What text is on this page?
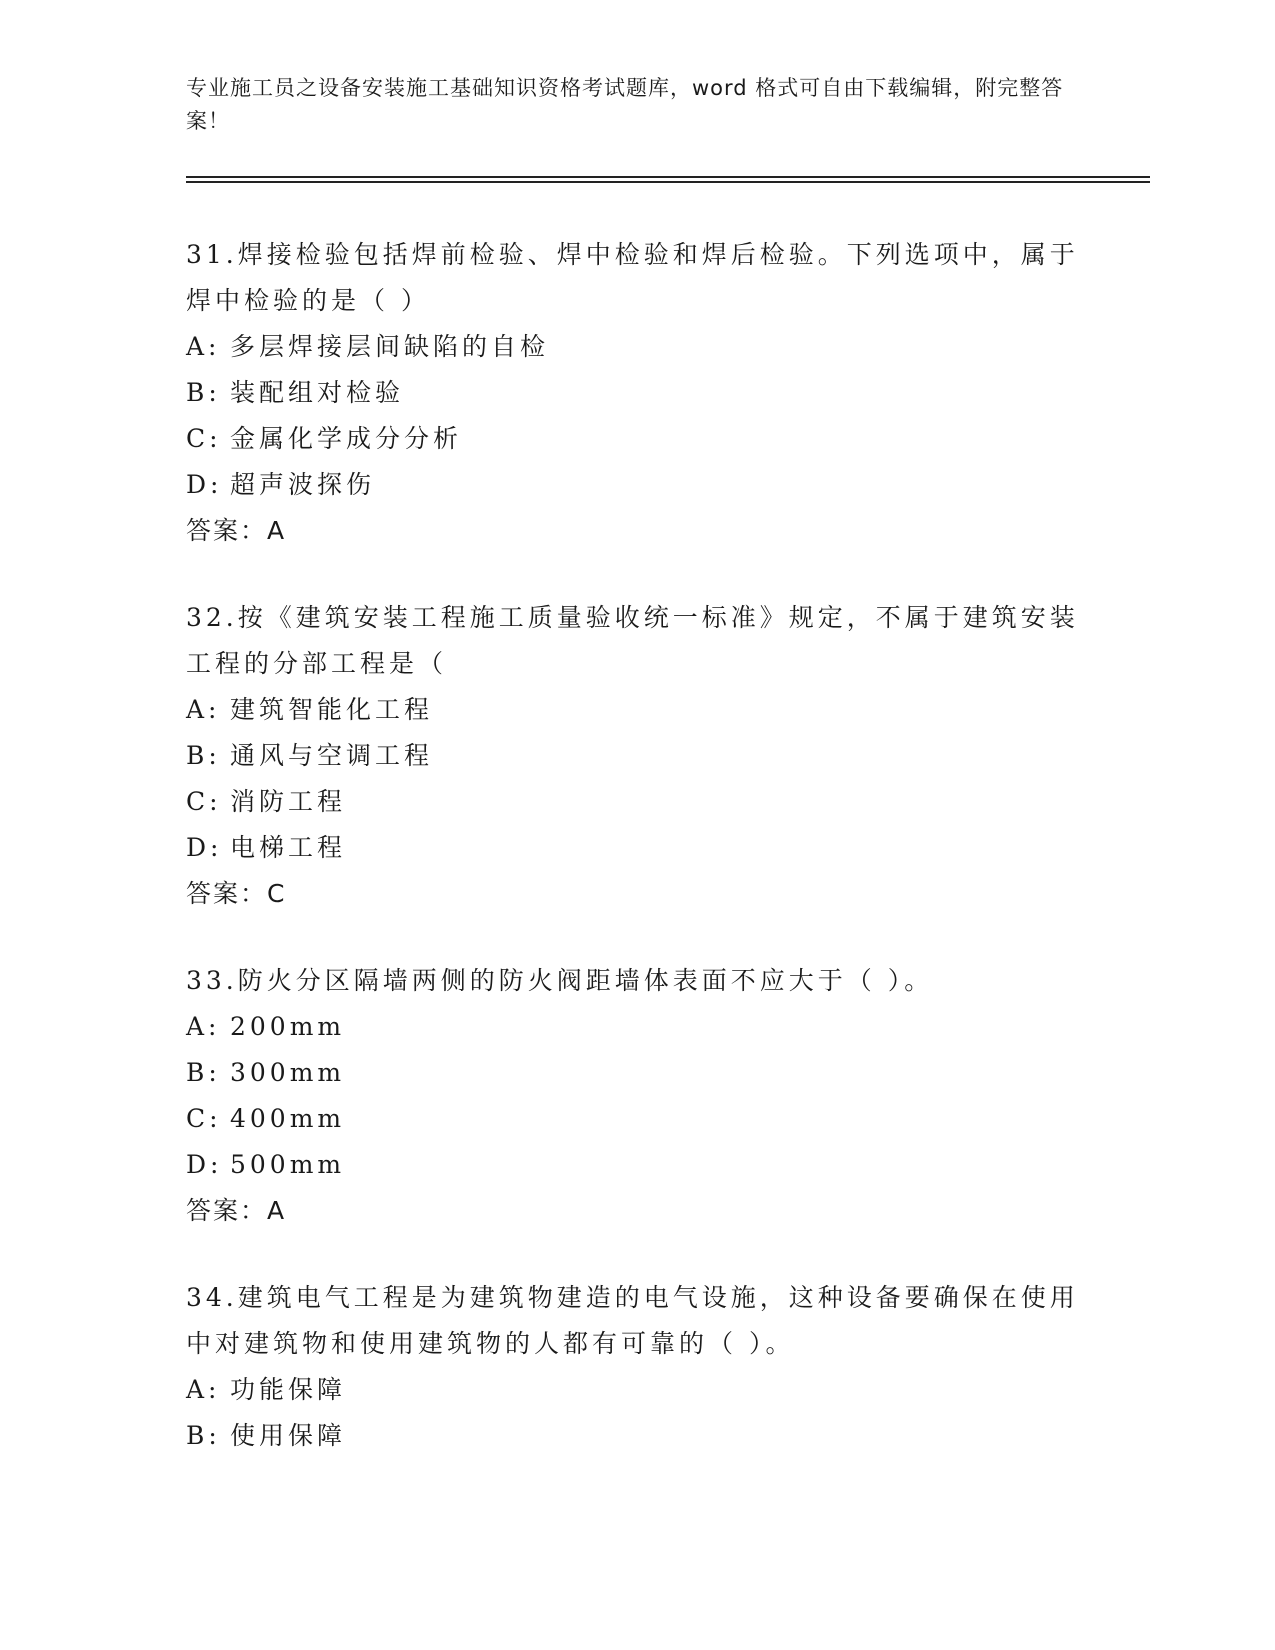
专业施工员之设备安装施工基础知识资格考试题库，word 格式可自由下载编辑，附完整答案！

31.焊接检验包括焊前检验、焊中检验和焊后检验。下列选项中，属于焊中检验的是（ ）

A: 多层焊接层间缺陷的自检

B: 装配组对检验

C: 金属化学成分分析

D: 超声波探伤

答案：A

32.按《建筑安装工程施工质量验收统一标准》规定，不属于建筑安装工程的分部工程是（

A: 建筑智能化工程

B: 通风与空调工程

C: 消防工程

D: 电梯工程

答案：C

33.防火分区隔墙两侧的防火阀距墙体表面不应大于（ ）。

A: 200mm

B: 300mm

C: 400mm

D: 500mm

答案：A

34.建筑电气工程是为建筑物建造的电气设施，这种设备要确保在使用中对建筑物和使用建筑物的人都有可靠的（ ）。

A: 功能保障

B: 使用保障
